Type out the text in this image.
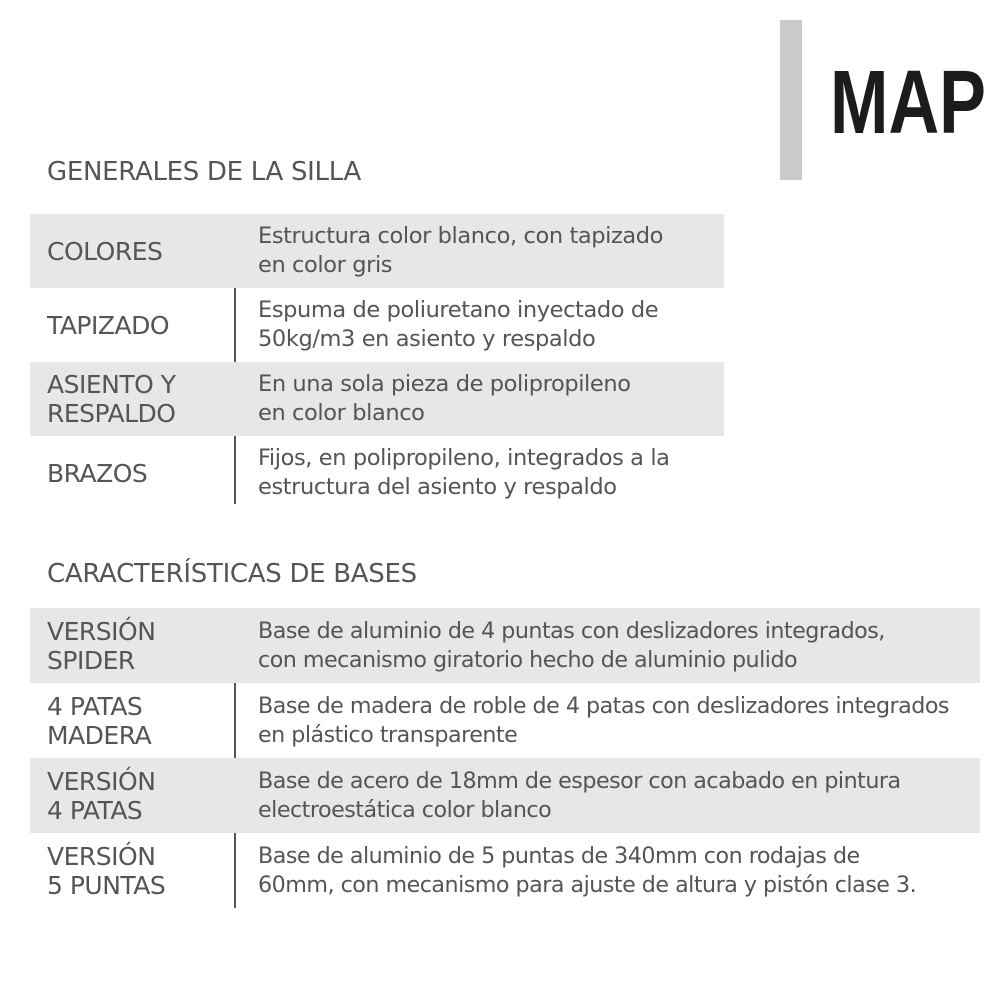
MAP
GENERALES DE LA SILLA
COLORES
Estructura color blanco, con tapizado
en color gris
TAPIZADO
Espuma de poliuretano inyectado de
50kg/m3 en asiento y respaldo
ASIENTO Y
RESPALDO
En una sola pieza de polipropileno
en color blanco
BRAZOS
Fijos, en polipropileno, integrados a la
estructura del asiento y respaldo
CARACTERÍSTICAS DE BASES
VERSIÓN
SPIDER
Base de aluminio de 4 puntas con deslizadores integrados,
con mecanismo giratorio hecho de aluminio pulido
4 PATAS
MADERA
Base de madera de roble de 4 patas con deslizadores integrados
en plástico transparente
VERSIÓN
4 PATAS
Base de acero de 18mm de espesor con acabado en pintura
electroestática color blanco
VERSIÓN
5 PUNTAS
Base de aluminio de 5 puntas de 340mm con rodajas de
60mm, con mecanismo para ajuste de altura y pistón clase 3.
